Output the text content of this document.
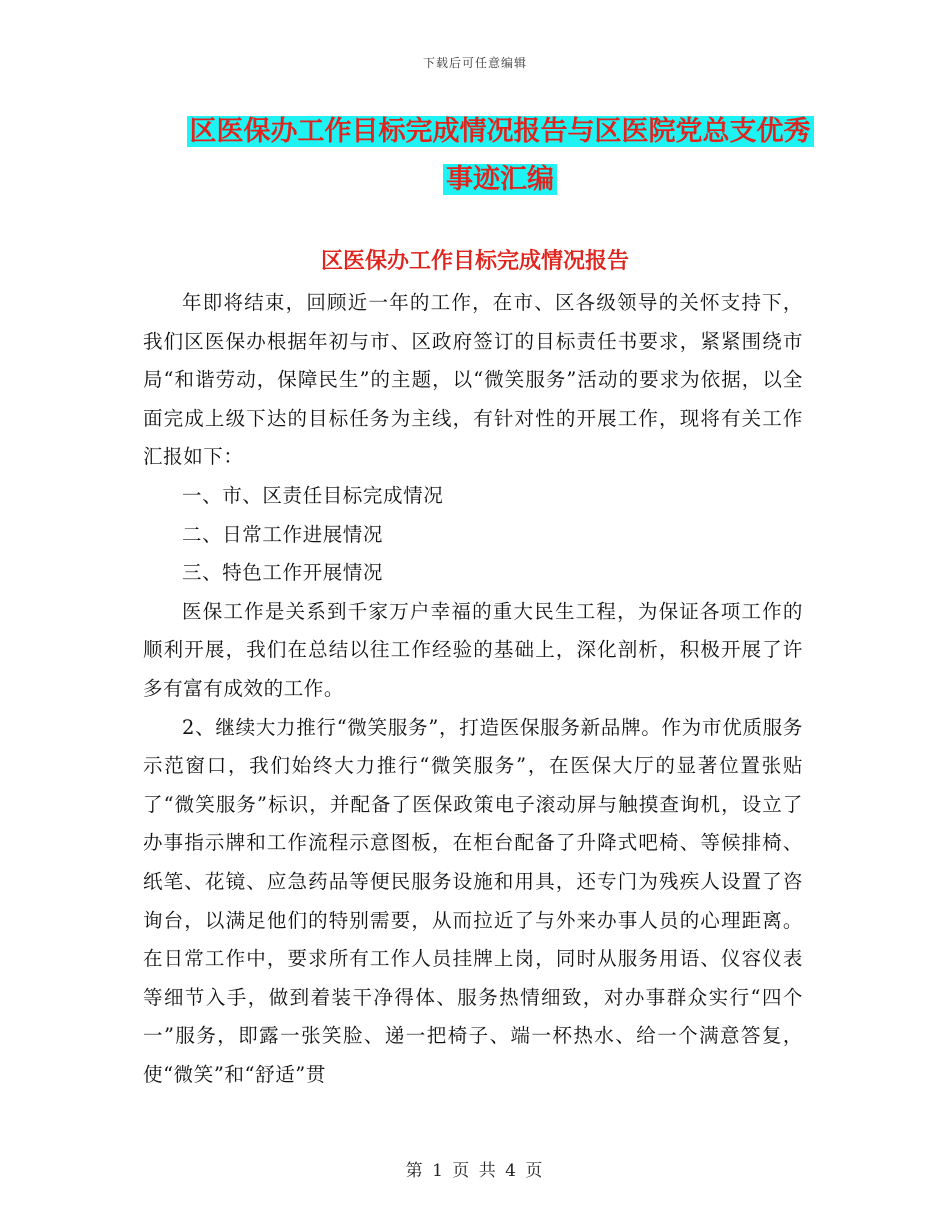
下载后可任意编辑
区医保办工作目标完成情况报告与区医院党总支优秀
事迹汇编
区医保办工作目标完成情况报告

年即将结束，回顾近一年的工作，在市、区各级领导的关怀支持下，我们区医保办根据年初与市、区政府签订的目标责任书要求，紧紧围绕市局“和谐劳动，保障民生”的主题，以“微笑服务”活动的要求为依据，以全面完成上级下达的目标任务为主线，有针对性的开展工作，现将有关工作汇报如下：

一、市、区责任目标完成情况

二、日常工作进展情况

三、特色工作开展情况

医保工作是关系到千家万户幸福的重大民生工程，为保证各项工作的顺利开展，我们在总结以往工作经验的基础上，深化剖析，积极开展了许多有富有成效的工作。

2、继续大力推行“微笑服务”，打造医保服务新品牌。作为市优质服务示范窗口，我们始终大力推行“微笑服务”，在医保大厅的显著位置张贴了“微笑服务”标识，并配备了医保政策电子滚动屏与触摸查询机，设立了办事指示牌和工作流程示意图板，在柜台配备了升降式吧椅、等候排椅、纸笔、花镜、应急药品等便民服务设施和用具，还专门为残疾人设置了咨询台，以满足他们的特别需要，从而拉近了与外来办事人员的心理距离。在日常工作中，要求所有工作人员挂牌上岗，同时从服务用语、仪容仪表等细节入手，做到着装干净得体、服务热情细致，对办事群众实行“四个一”服务，即露一张笑脸、递一把椅子、端一杯热水、给一个满意答复，使“微笑”和“舒适”贯

第 1 页 共 4 页
